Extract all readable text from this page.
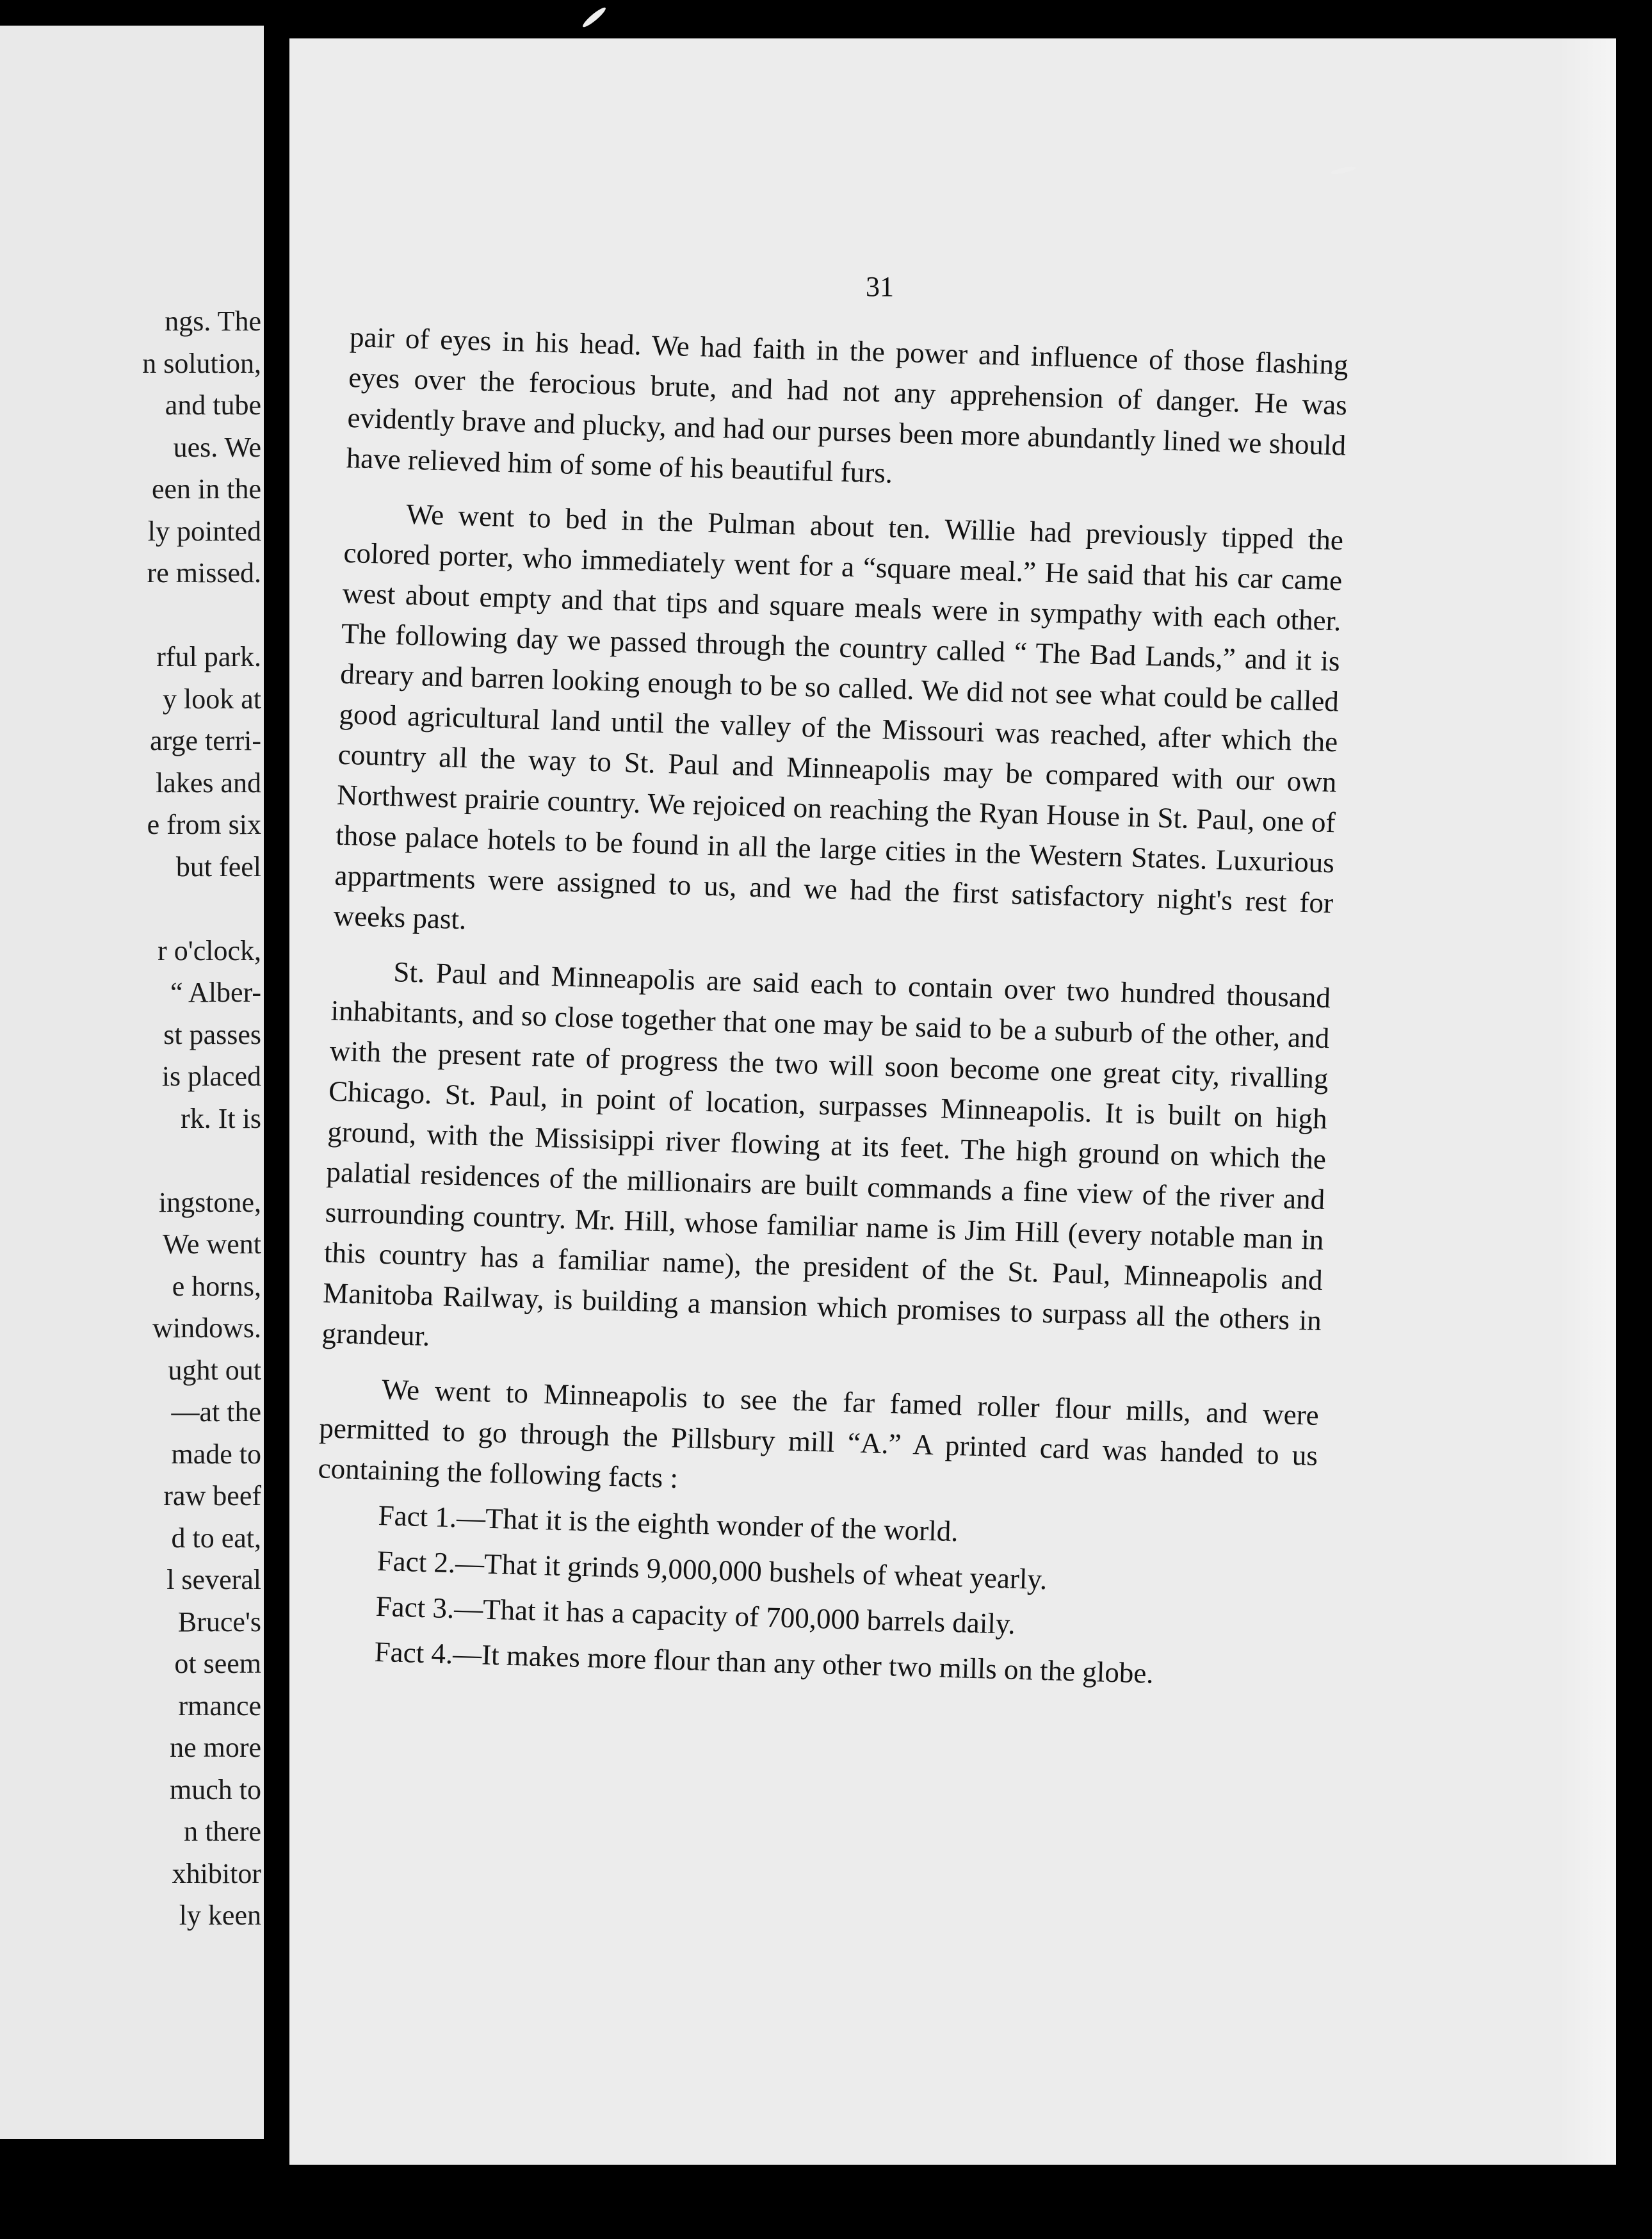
ngs. The
n solution,
and tube
ues. We
een in the
ly pointed
re missed.
rful park.
y look at
arge terri-
lakes and
e from six
but feel
r o'clock,
“ Alber-
st passes
is placed
rk. It is
ingstone,
We went
e horns,
windows.
ught out
—at the
made to
raw beef
d to eat,
l several
Bruce's
ot seem
rmance
ne more
much to
n there
xhibitor
ly keen
31

pair of eyes in his head. We had faith in the power and influence of those flashing eyes over the ferocious brute, and had not any apprehension of danger. He was evidently brave and plucky, and had our purses been more abundantly lined we should have relieved him of some of his beautiful furs.

We went to bed in the Pulman about ten. Willie had previously tipped the colored porter, who immediately went for a “square meal.” He said that his car came west about empty and that tips and square meals were in sympathy with each other. The following day we passed through the country called “ The Bad Lands,” and it is dreary and barren looking enough to be so called. We did not see what could be called good agricultural land until the valley of the Missouri was reached, after which the country all the way to St. Paul and Minneapolis may be compared with our own Northwest prairie country. We rejoiced on reaching the Ryan House in St. Paul, one of those palace hotels to be found in all the large cities in the Western States. Luxurious appartments were assigned to us, and we had the first satisfactory night's rest for weeks past.

St. Paul and Minneapolis are said each to contain over two hundred thousand inhabitants, and so close together that one may be said to be a suburb of the other, and with the present rate of progress the two will soon become one great city, rivalling Chicago. St. Paul, in point of location, surpasses Minneapolis. It is built on high ground, with the Missisippi river flowing at its feet. The high ground on which the palatial residences of the millionairs are built commands a fine view of the river and surrounding country. Mr. Hill, whose familiar name is Jim Hill (every notable man in this country has a familiar name), the president of the St. Paul, Minneapolis and Manitoba Railway, is building a mansion which promises to surpass all the others in grandeur.

We went to Minneapolis to see the far famed roller flour mills, and were permitted to go through the Pillsbury mill “A.” A printed card was handed to us containing the following facts :

Fact 1.—That it is the eighth wonder of the world.

Fact 2.—That it grinds 9,000,000 bushels of wheat yearly.

Fact 3.—That it has a capacity of 700,000 barrels daily.

Fact 4.—It makes more flour than any other two mills on the globe.
